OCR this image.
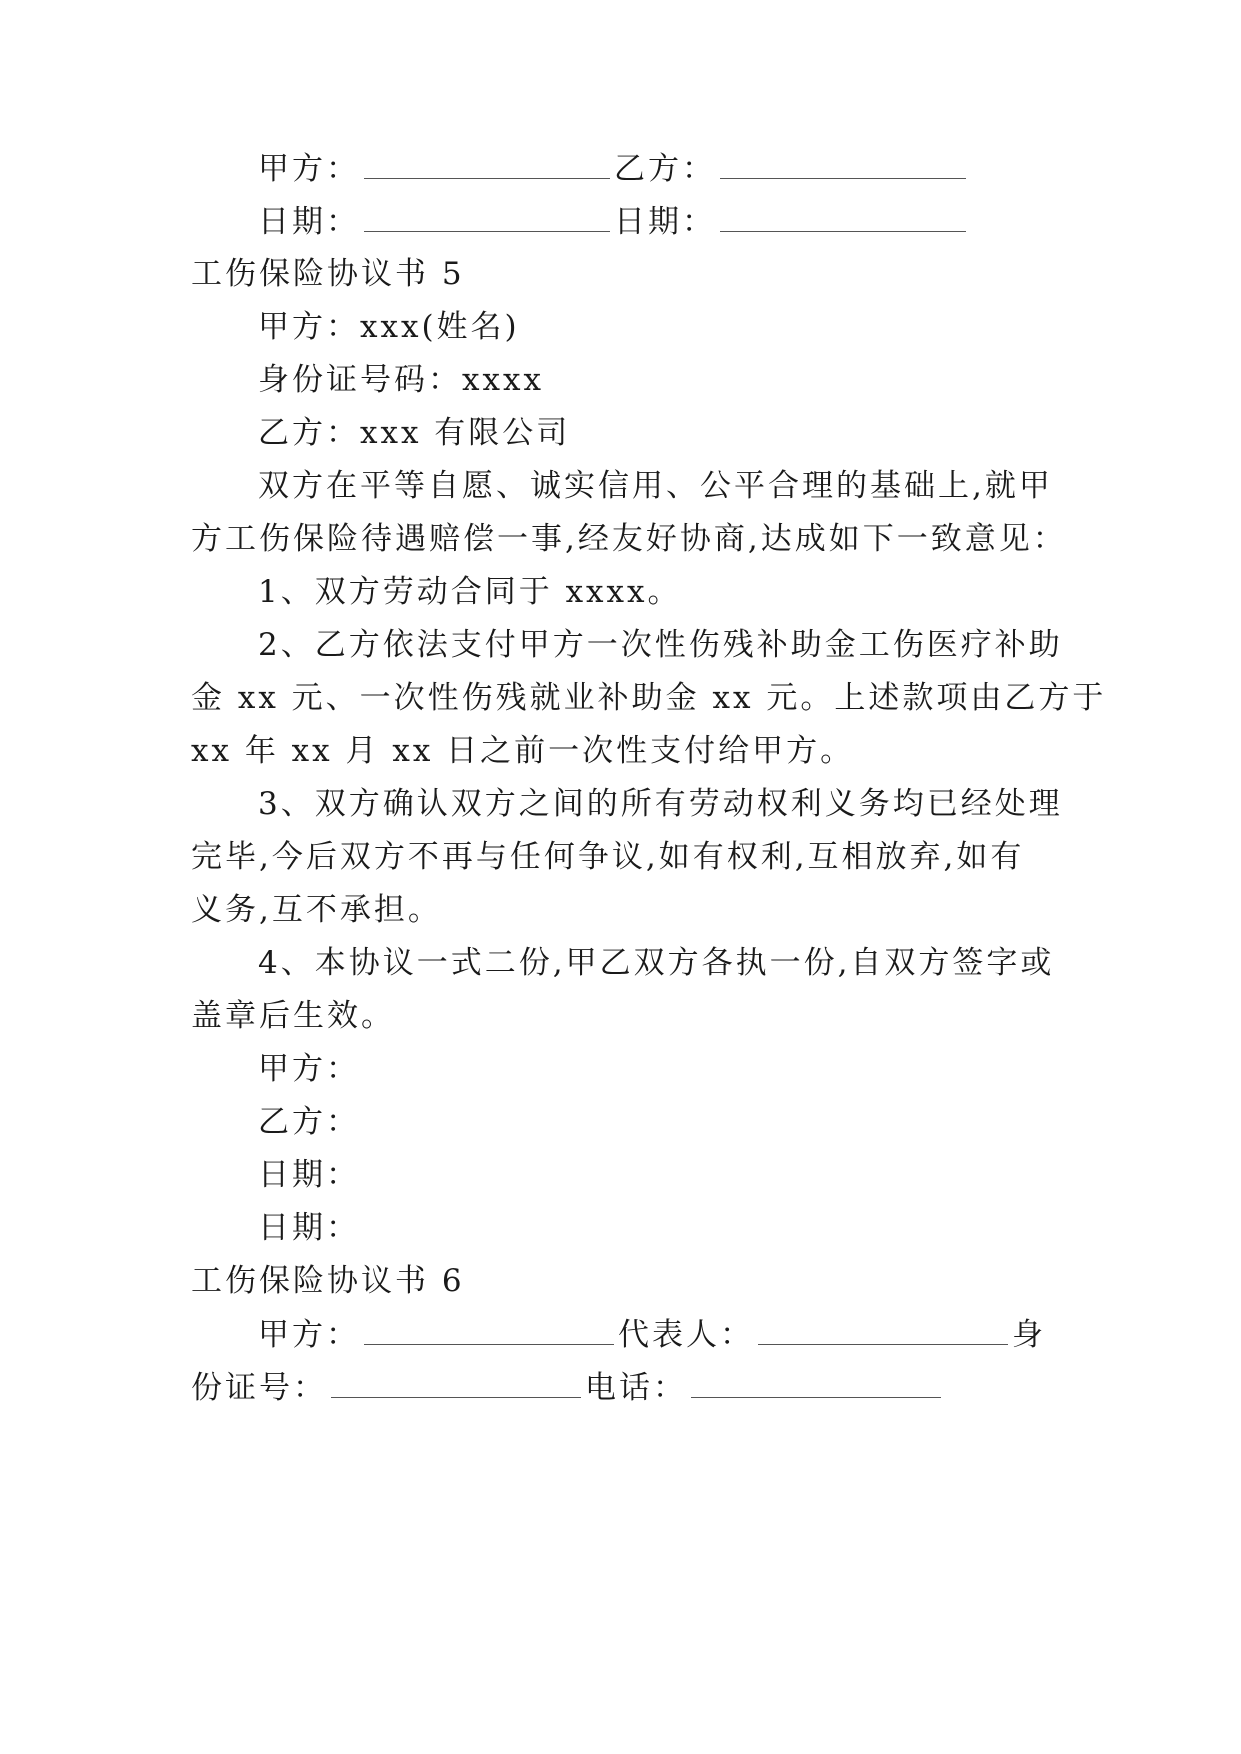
甲方：	乙方：
日期：	日期：
工伤保险协议书 5
甲方：xxx(姓名)
身份证号码：xxxx
乙方：xxx 有限公司
双方在平等自愿、诚实信用、公平合理的基础上,就甲
方工伤保险待遇赔偿一事,经友好协商,达成如下一致意见：
1、双方劳动合同于 xxxx。
2、乙方依法支付甲方一次性伤残补助金工伤医疗补助
金 xx 元、一次性伤残就业补助金 xx 元。上述款项由乙方于
xx 年 xx 月 xx 日之前一次性支付给甲方。
3、双方确认双方之间的所有劳动权利义务均已经处理
完毕,今后双方不再与任何争议,如有权利,互相放弃,如有
义务,互不承担。
4、本协议一式二份,甲乙双方各执一份,自双方签字或
盖章后生效。
甲方：
乙方：
日期：
日期：
工伤保险协议书 6
甲方：	代表人：	身
份证号：	电话：
